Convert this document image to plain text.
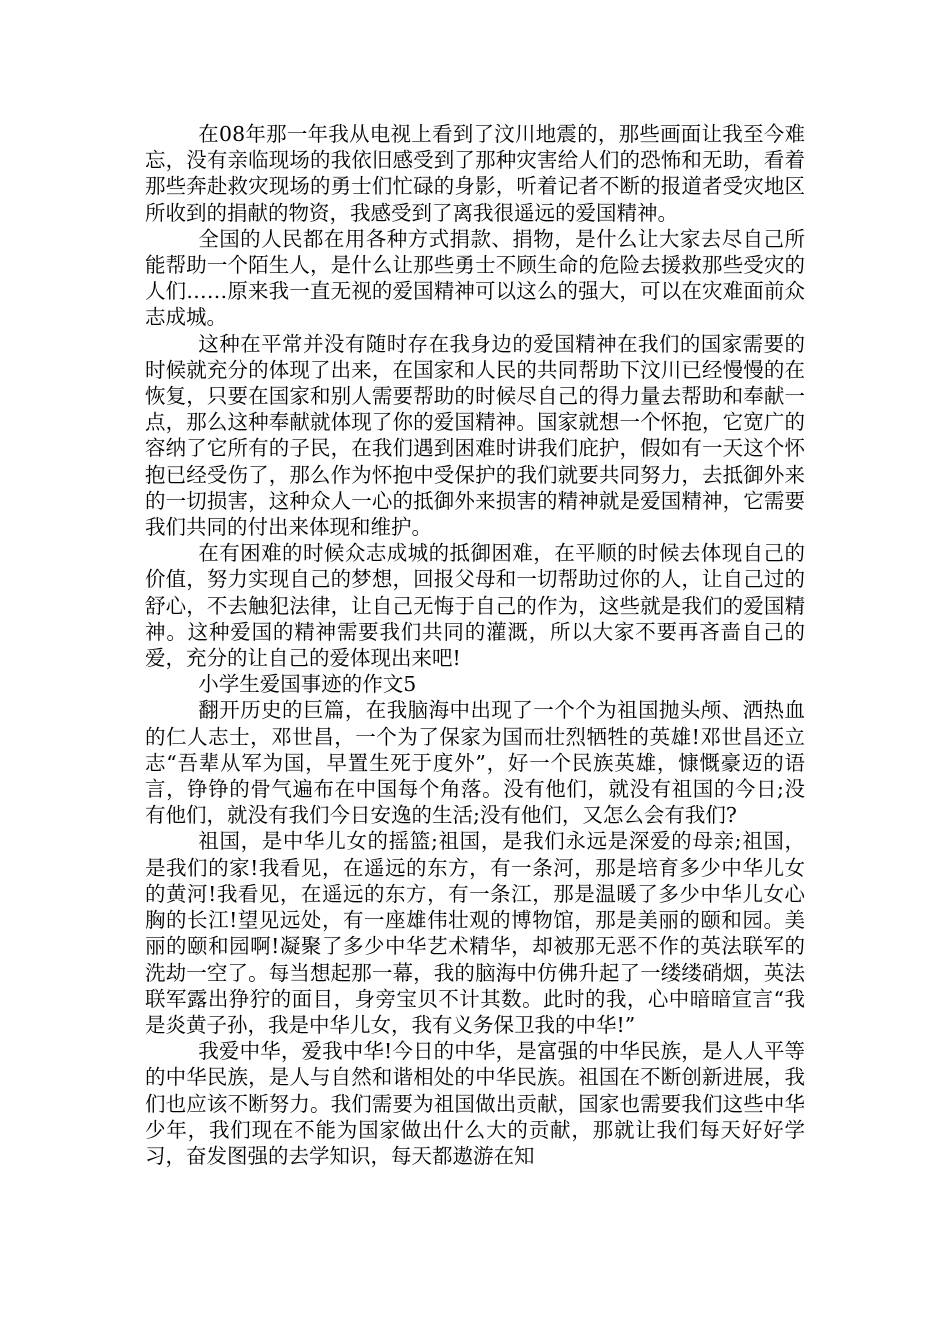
在08年那一年我从电视上看到了汶川地震的，那些画面让我至今难忘，没有亲临现场的我依旧感受到了那种灾害给人们的恐怖和无助，看着那些奔赴救灾现场的勇士们忙碌的身影，听着记者不断的报道者受灾地区所收到的捐献的物资，我感受到了离我很遥远的爱国精神。

全国的人民都在用各种方式捐款、捐物，是什么让大家去尽自己所能帮助一个陌生人，是什么让那些勇士不顾生命的危险去援救那些受灾的人们……原来我一直无视的爱国精神可以这么的强大，可以在灾难面前众志成城。

这种在平常并没有随时存在我身边的爱国精神在我们的国家需要的时候就充分的体现了出来，在国家和人民的共同帮助下汶川已经慢慢的在恢复，只要在国家和别人需要帮助的时候尽自己的得力量去帮助和奉献一点，那么这种奉献就体现了你的爱国精神。国家就想一个怀抱，它宽广的容纳了它所有的子民，在我们遇到困难时讲我们庇护，假如有一天这个怀抱已经受伤了，那么作为怀抱中受保护的我们就要共同努力，去抵御外来的一切损害，这种众人一心的抵御外来损害的精神就是爱国精神，它需要我们共同的付出来体现和维护。

在有困难的时候众志成城的抵御困难，在平顺的时候去体现自己的价值，努力实现自己的梦想，回报父母和一切帮助过你的人，让自己过的舒心，不去触犯法律，让自己无悔于自己的作为，这些就是我们的爱国精神。这种爱国的精神需要我们共同的灌溉，所以大家不要再吝啬自己的爱，充分的让自己的爱体现出来吧!

小学生爱国事迹的作文5

翻开历史的巨篇，在我脑海中出现了一个个为祖国抛头颅、洒热血的仁人志士，邓世昌，一个为了保家为国而壮烈牺牲的英雄!邓世昌还立志“吾辈从军为国，早置生死于度外”，好一个民族英雄，慷慨豪迈的语言，铮铮的骨气遍布在中国每个角落。没有他们，就没有祖国的今日;没有他们，就没有我们今日安逸的生活;没有他们，又怎么会有我们?

祖国，是中华儿女的摇篮;祖国，是我们永远是深爱的母亲;祖国，是我们的家!我看见，在遥远的东方，有一条河，那是培育多少中华儿女的黄河!我看见，在遥远的东方，有一条江，那是温暖了多少中华儿女心胸的长江!望见远处，有一座雄伟壮观的博物馆，那是美丽的颐和园。美丽的颐和园啊!凝聚了多少中华艺术精华，却被那无恶不作的英法联军的洗劫一空了。每当想起那一幕，我的脑海中仿佛升起了一缕缕硝烟，英法联军露出狰狞的面目，身旁宝贝不计其数。此时的我，心中暗暗宣言“我是炎黄子孙，我是中华儿女，我有义务保卫我的中华!”

我爱中华，爱我中华!今日的中华，是富强的中华民族，是人人平等的中华民族，是人与自然和谐相处的中华民族。祖国在不断创新进展，我们也应该不断努力。我们需要为祖国做出贡献，国家也需要我们这些中华少年，我们现在不能为国家做出什么大的贡献，那就让我们每天好好学习，奋发图强的去学知识，每天都遨游在知
